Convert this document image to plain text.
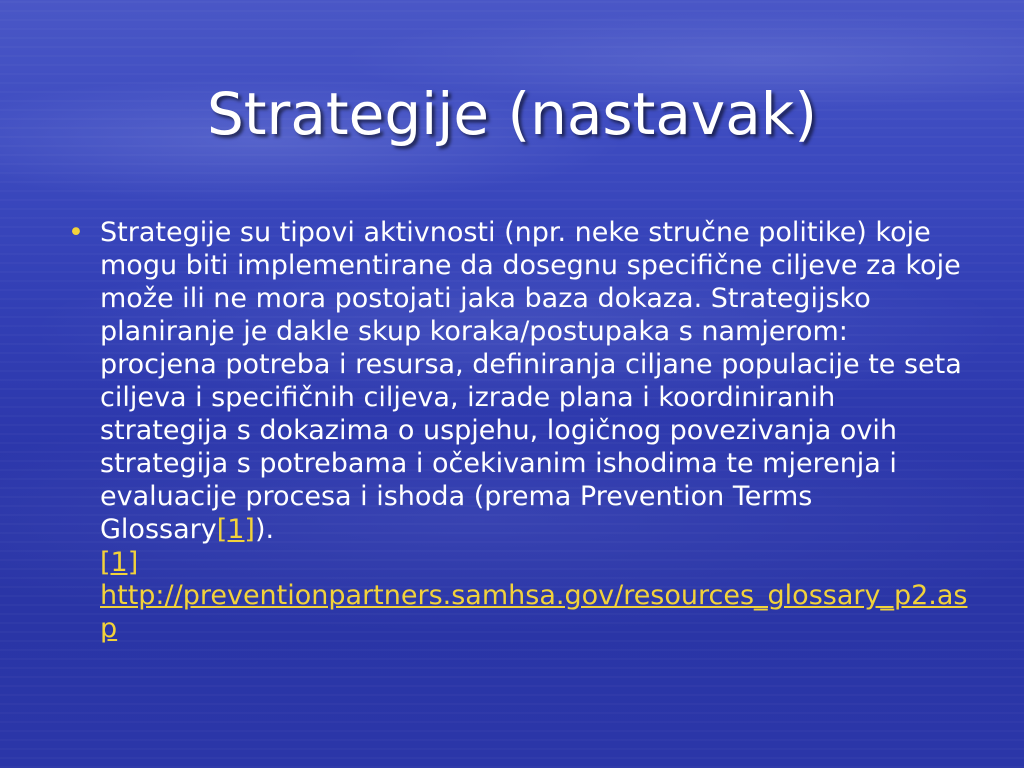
Strategije (nastavak)
• Strategije su tipovi aktivnosti (npr. neke stručne politike) koje mogu biti implementirane da dosegnu specifične ciljeve za koje može ili ne mora postojati jaka baza dokaza. Strategijsko planiranje je dakle skup koraka/postupaka s namjerom: procjena potreba i resursa, definiranja ciljane populacije te seta ciljeva i specifičnih ciljeva, izrade plana i koordiniranih strategija s dokazima o uspjehu, logičnog povezivanja ovih strategija s potrebama i očekivanim ishodima te mjerenja i evaluacije procesa i ishoda (prema Prevention Terms Glossary[1]).
[1]
http://preventionpartners.samhsa.gov/resources_glossary_p2.asp
